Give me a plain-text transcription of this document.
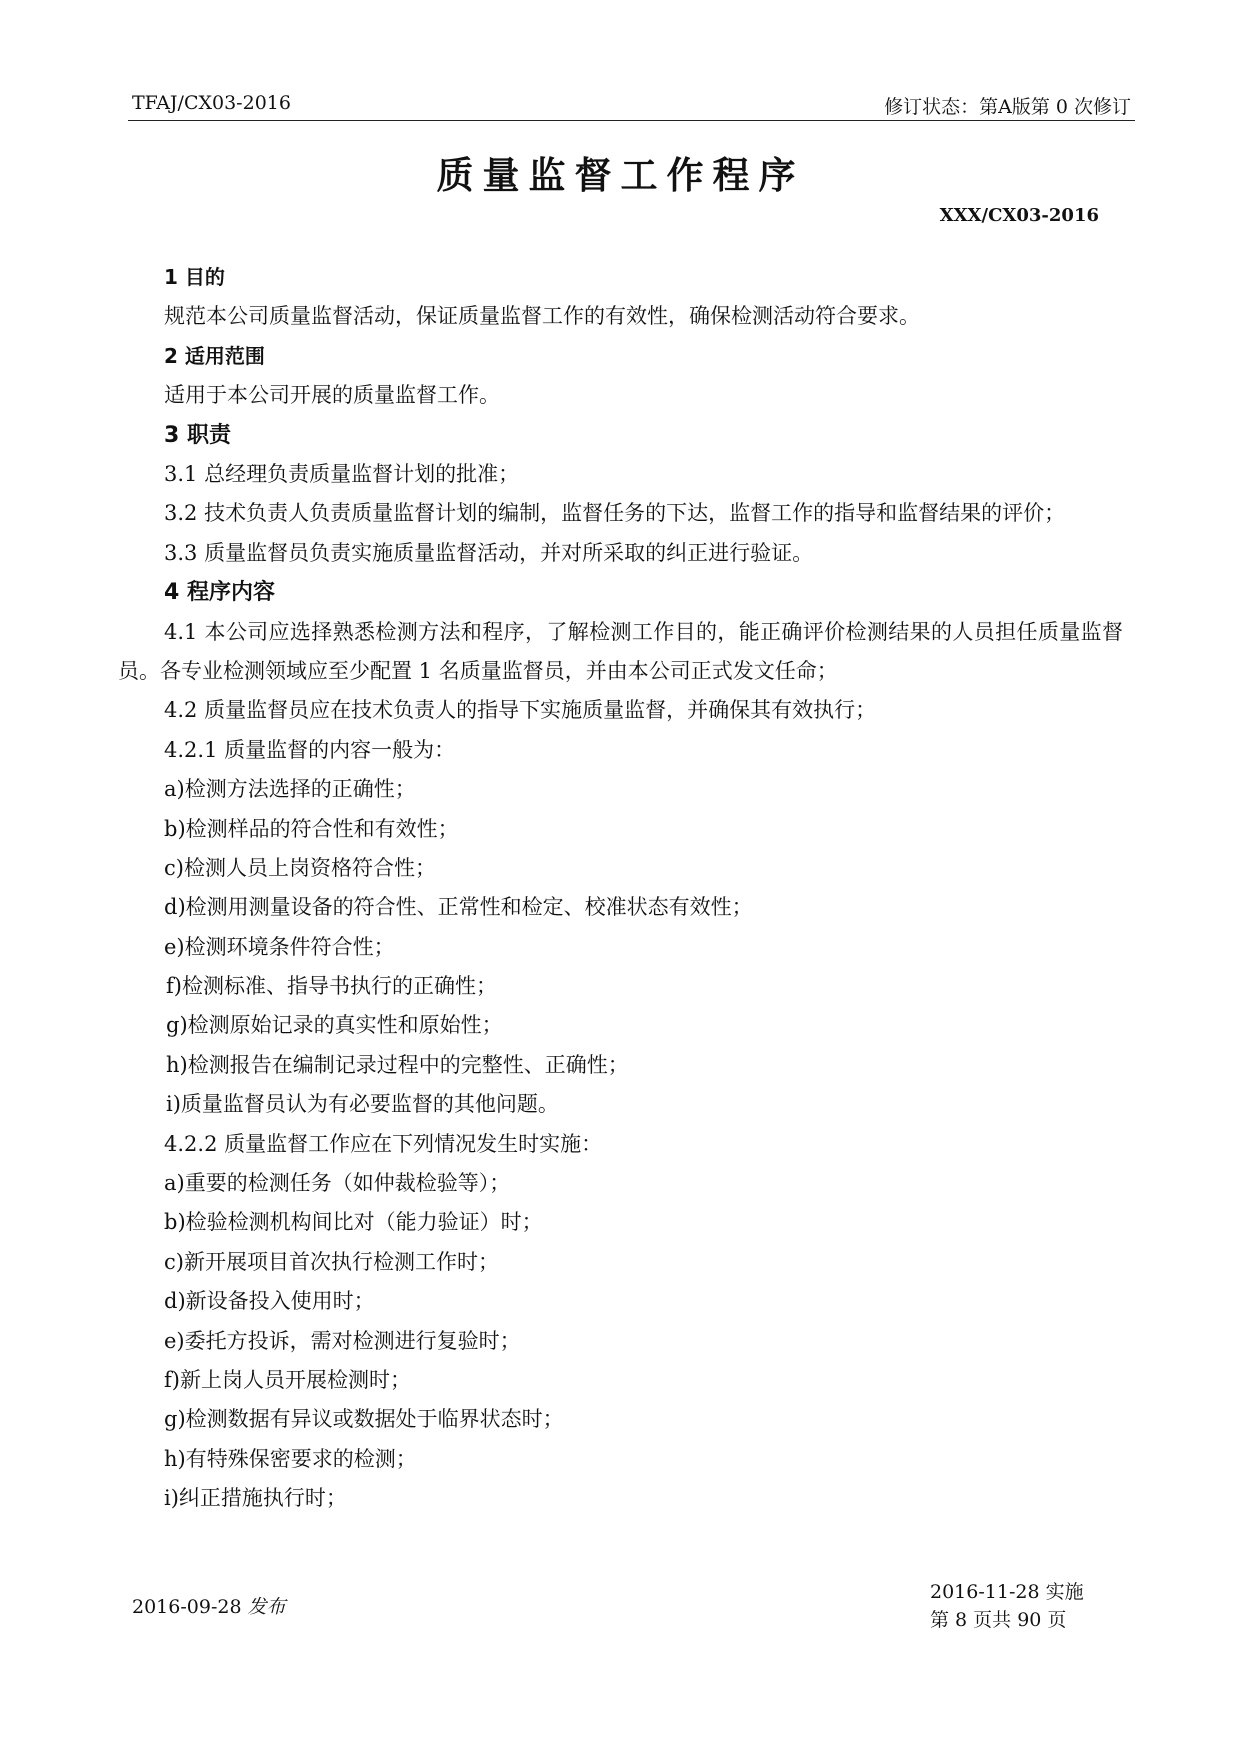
TFAJ/CX03-2016	修订状态：第A版第 0 次修订
质量监督工作程序
XXX/CX03-2016
1 目的
规范本公司质量监督活动，保证质量监督工作的有效性，确保检测活动符合要求。
2 适用范围
适用于本公司开展的质量监督工作。
3 职责
3.1 总经理负责质量监督计划的批准；
3.2 技术负责人负责质量监督计划的编制，监督任务的下达，监督工作的指导和监督结果的评价；
3.3 质量监督员负责实施质量监督活动，并对所采取的纠正进行验证。
4 程序内容
4.1 本公司应选择熟悉检测方法和程序，了解检测工作目的，能正确评价检测结果的人员担任质量监督员。各专业检测领域应至少配置 1 名质量监督员，并由本公司正式发文任命；
4.2 质量监督员应在技术负责人的指导下实施质量监督，并确保其有效执行；
4.2.1 质量监督的内容一般为：
a)检测方法选择的正确性；
b)检测样品的符合性和有效性；
c)检测人员上岗资格符合性；
d)检测用测量设备的符合性、正常性和检定、校准状态有效性；
e)检测环境条件符合性；
f)检测标准、指导书执行的正确性；
g)检测原始记录的真实性和原始性；
h)检测报告在编制记录过程中的完整性、正确性；
i)质量监督员认为有必要监督的其他问题。
4.2.2 质量监督工作应在下列情况发生时实施：
a)重要的检测任务（如仲裁检验等）；
b)检验检测机构间比对（能力验证）时；
c)新开展项目首次执行检测工作时；
d)新设备投入使用时；
e)委托方投诉，需对检测进行复验时；
f)新上岗人员开展检测时；
g)检测数据有异议或数据处于临界状态时；
h)有特殊保密要求的检测；
i)纠正措施执行时；
2016-09-28 发布
2016-11-28 实施
第 8 页共 90 页
